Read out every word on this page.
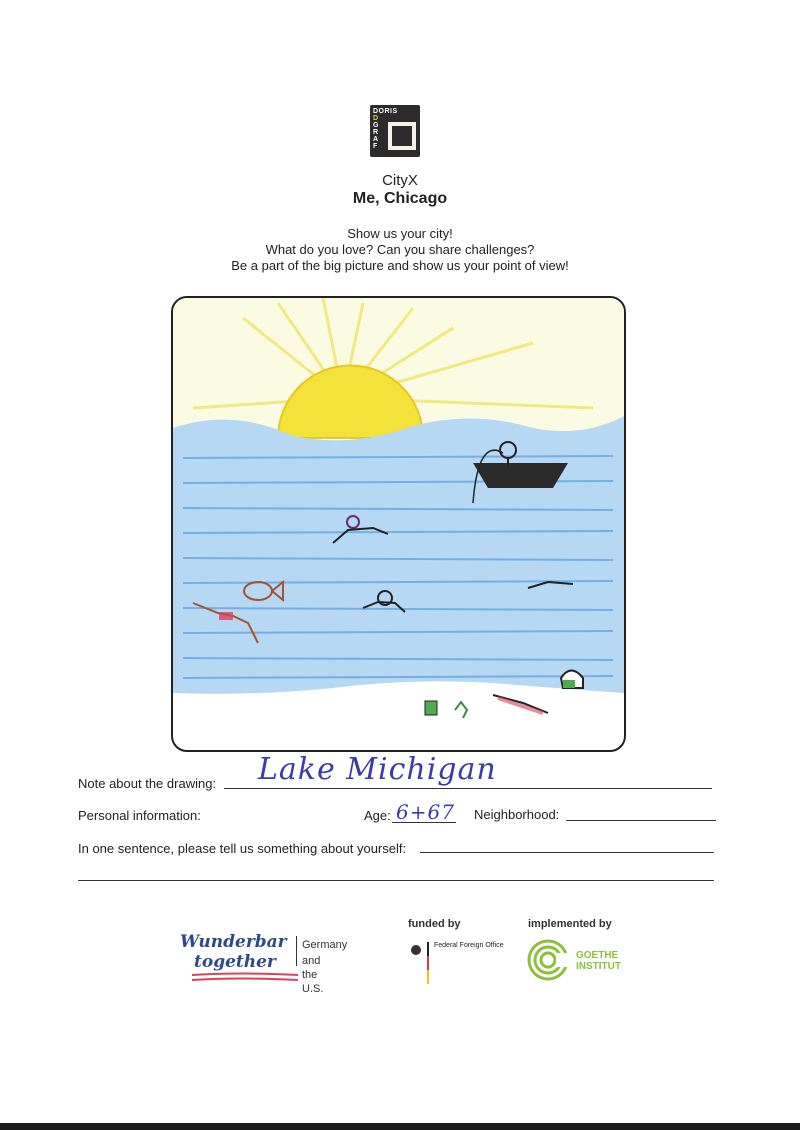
DORIS
D
G
R
A
F
CityX
Me, Chicago
Show us your city!
What do you love? Can you share challenges?
Be a part of the big picture and show us your point of view!
Note about the drawing: Lake Michigan
Personal information:	Age: 6+67 Neighborhood:
In one sentence, please tell us something about yourself:
Wunderbar
together
Germany
and the U.S.
funded by
Federal Foreign Office
implemented by
GOETHE
INSTITUT
